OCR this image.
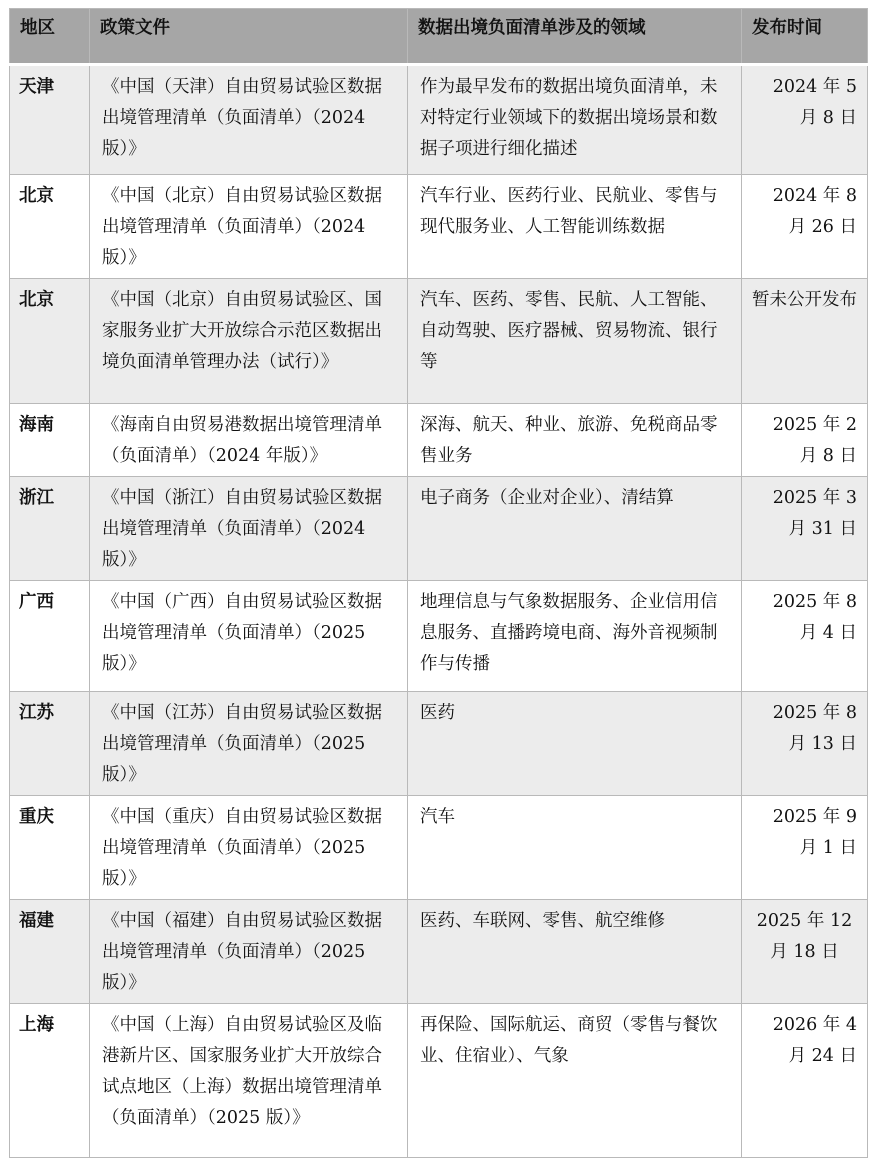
地区	政策文件	数据出境负面清单涉及的领域	发布时间
天津	《中国（天津）自由贸易试验区数据出境管理清单（负面清单）（2024 版）》	作为最早发布的数据出境负面清单，未对特定行业领域下的数据出境场景和数据子项进行细化描述	2024 年 5 月 8 日
北京	《中国（北京）自由贸易试验区数据出境管理清单（负面清单）（2024 版）》	汽车行业、医药行业、民航业、零售与现代服务业、人工智能训练数据	2024 年 8 月 26 日
北京	《中国（北京）自由贸易试验区、国家服务业扩大开放综合示范区数据出境负面清单管理办法（试行）》	汽车、医药、零售、民航、人工智能、自动驾驶、医疗器械、贸易物流、银行等	暂未公开发布
海南	《海南自由贸易港数据出境管理清单（负面清单）（2024 年版）》	深海、航天、种业、旅游、免税商品零售业务	2025 年 2 月 8 日
浙江	《中国（浙江）自由贸易试验区数据出境管理清单（负面清单）（2024 版）》	电子商务（企业对企业）、清结算	2025 年 3 月 31 日
广西	《中国（广西）自由贸易试验区数据出境管理清单（负面清单）（2025 版）》	地理信息与气象数据服务、企业信用信息服务、直播跨境电商、海外音视频制作与传播	2025 年 8 月 4 日
江苏	《中国（江苏）自由贸易试验区数据出境管理清单（负面清单）（2025 版）》	医药	2025 年 8 月 13 日
重庆	《中国（重庆）自由贸易试验区数据出境管理清单（负面清单）（2025 版）》	汽车	2025 年 9 月 1 日
福建	《中国（福建）自由贸易试验区数据出境管理清单（负面清单）（2025 版）》	医药、车联网、零售、航空维修	2025 年 12 月 18 日
上海	《中国（上海）自由贸易试验区及临港新片区、国家服务业扩大开放综合试点地区（上海）数据出境管理清单（负面清单）（2025 版）》	再保险、国际航运、商贸（零售与餐饮业、住宿业）、气象	2026 年 4 月 24 日
